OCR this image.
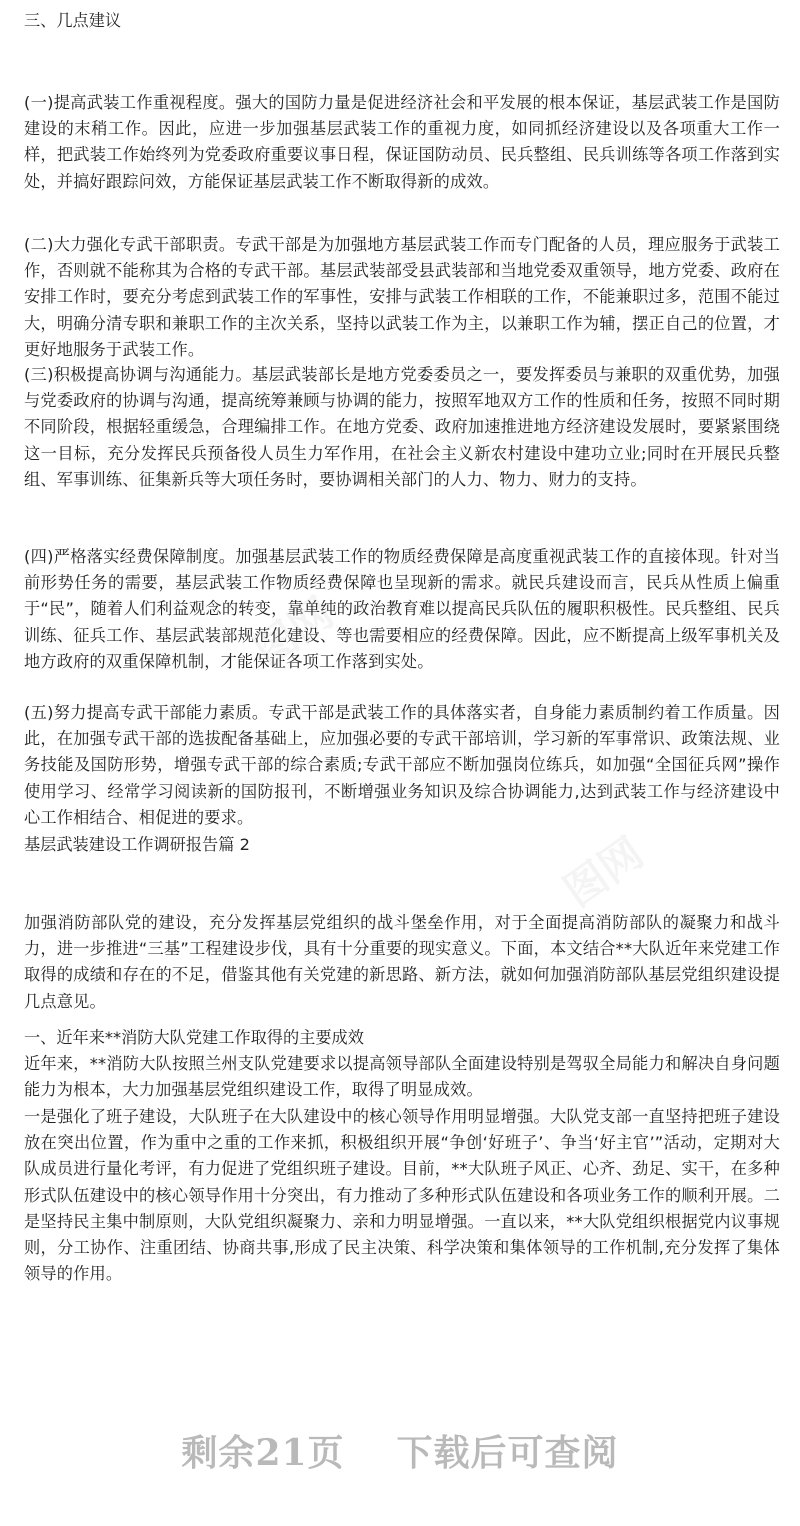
图网
图网
三、几点建议
(一)提高武装工作重视程度。强大的国防力量是促进经济社会和平发展的根本保证，基层武装工作是国防建设的末稍工作。因此，应进一步加强基层武装工作的重视力度，如同抓经济建设以及各项重大工作一样，把武装工作始终列为党委政府重要议事日程，保证国防动员、民兵整组、民兵训练等各项工作落到实处，并搞好跟踪问效，方能保证基层武装工作不断取得新的成效。
(二)大力强化专武干部职责。专武干部是为加强地方基层武装工作而专门配备的人员，理应服务于武装工作，否则就不能称其为合格的专武干部。基层武装部受县武装部和当地党委双重领导，地方党委、政府在安排工作时，要充分考虑到武装工作的军事性，安排与武装工作相联的工作，不能兼职过多，范围不能过大，明确分清专职和兼职工作的主次关系，坚持以武装工作为主，以兼职工作为辅，摆正自己的位置，才更好地服务于武装工作。
(三)积极提高协调与沟通能力。基层武装部长是地方党委委员之一，要发挥委员与兼职的双重优势，加强与党委政府的协调与沟通，提高统筹兼顾与协调的能力，按照军地双方工作的性质和任务，按照不同时期不同阶段，根据轻重缓急，合理编排工作。在地方党委、政府加速推进地方经济建设发展时，要紧紧围绕这一目标，充分发挥民兵预备役人员生力军作用，在社会主义新农村建设中建功立业;同时在开展民兵整组、军事训练、征集新兵等大项任务时，要协调相关部门的人力、物力、财力的支持。
(四)严格落实经费保障制度。加强基层武装工作的物质经费保障是高度重视武装工作的直接体现。针对当前形势任务的需要，基层武装工作物质经费保障也呈现新的需求。就民兵建设而言，民兵从性质上偏重于“民”，随着人们利益观念的转变，靠单纯的政治教育难以提高民兵队伍的履职积极性。民兵整组、民兵训练、征兵工作、基层武装部规范化建设、等也需要相应的经费保障。因此，应不断提高上级军事机关及地方政府的双重保障机制，才能保证各项工作落到实处。
(五)努力提高专武干部能力素质。专武干部是武装工作的具体落实者，自身能力素质制约着工作质量。因此，在加强专武干部的选拔配备基础上，应加强必要的专武干部培训，学习新的军事常识、政策法规、业务技能及国防形势，增强专武干部的综合素质;专武干部应不断加强岗位练兵，如加强“全国征兵网”操作使用学习、经常学习阅读新的国防报刊，不断增强业务知识及综合协调能力,达到武装工作与经济建设中心工作相结合、相促进的要求。
基层武装建设工作调研报告篇 2
加强消防部队党的建设，充分发挥基层党组织的战斗堡垒作用，对于全面提高消防部队的凝聚力和战斗力，进一步推进“三基”工程建设步伐，具有十分重要的现实意义。下面，本文结合**大队近年来党建工作取得的成绩和存在的不足，借鉴其他有关党建的新思路、新方法，就如何加强消防部队基层党组织建设提几点意见。
一、近年来**消防大队党建工作取得的主要成效
近年来，**消防大队按照兰州支队党建要求以提高领导部队全面建设特别是驾驭全局能力和解决自身问题能力为根本，大力加强基层党组织建设工作，取得了明显成效。
一是强化了班子建设，大队班子在大队建设中的核心领导作用明显增强。大队党支部一直坚持把班子建设放在突出位置，作为重中之重的工作来抓，积极组织开展“争创‘好班子’、争当‘好主官’”活动，定期对大队成员进行量化考评，有力促进了党组织班子建设。目前，**大队班子风正、心齐、劲足、实干，在多种形式队伍建设中的核心领导作用十分突出，有力推动了多种形式队伍建设和各项业务工作的顺利开展。二是坚持民主集中制原则，大队党组织凝聚力、亲和力明显增强。一直以来，**大队党组织根据党内议事规则，分工协作、注重团结、协商共事,形成了民主决策、科学决策和集体领导的工作机制,充分发挥了集体领导的作用。
剩余21页 下载后可查阅
